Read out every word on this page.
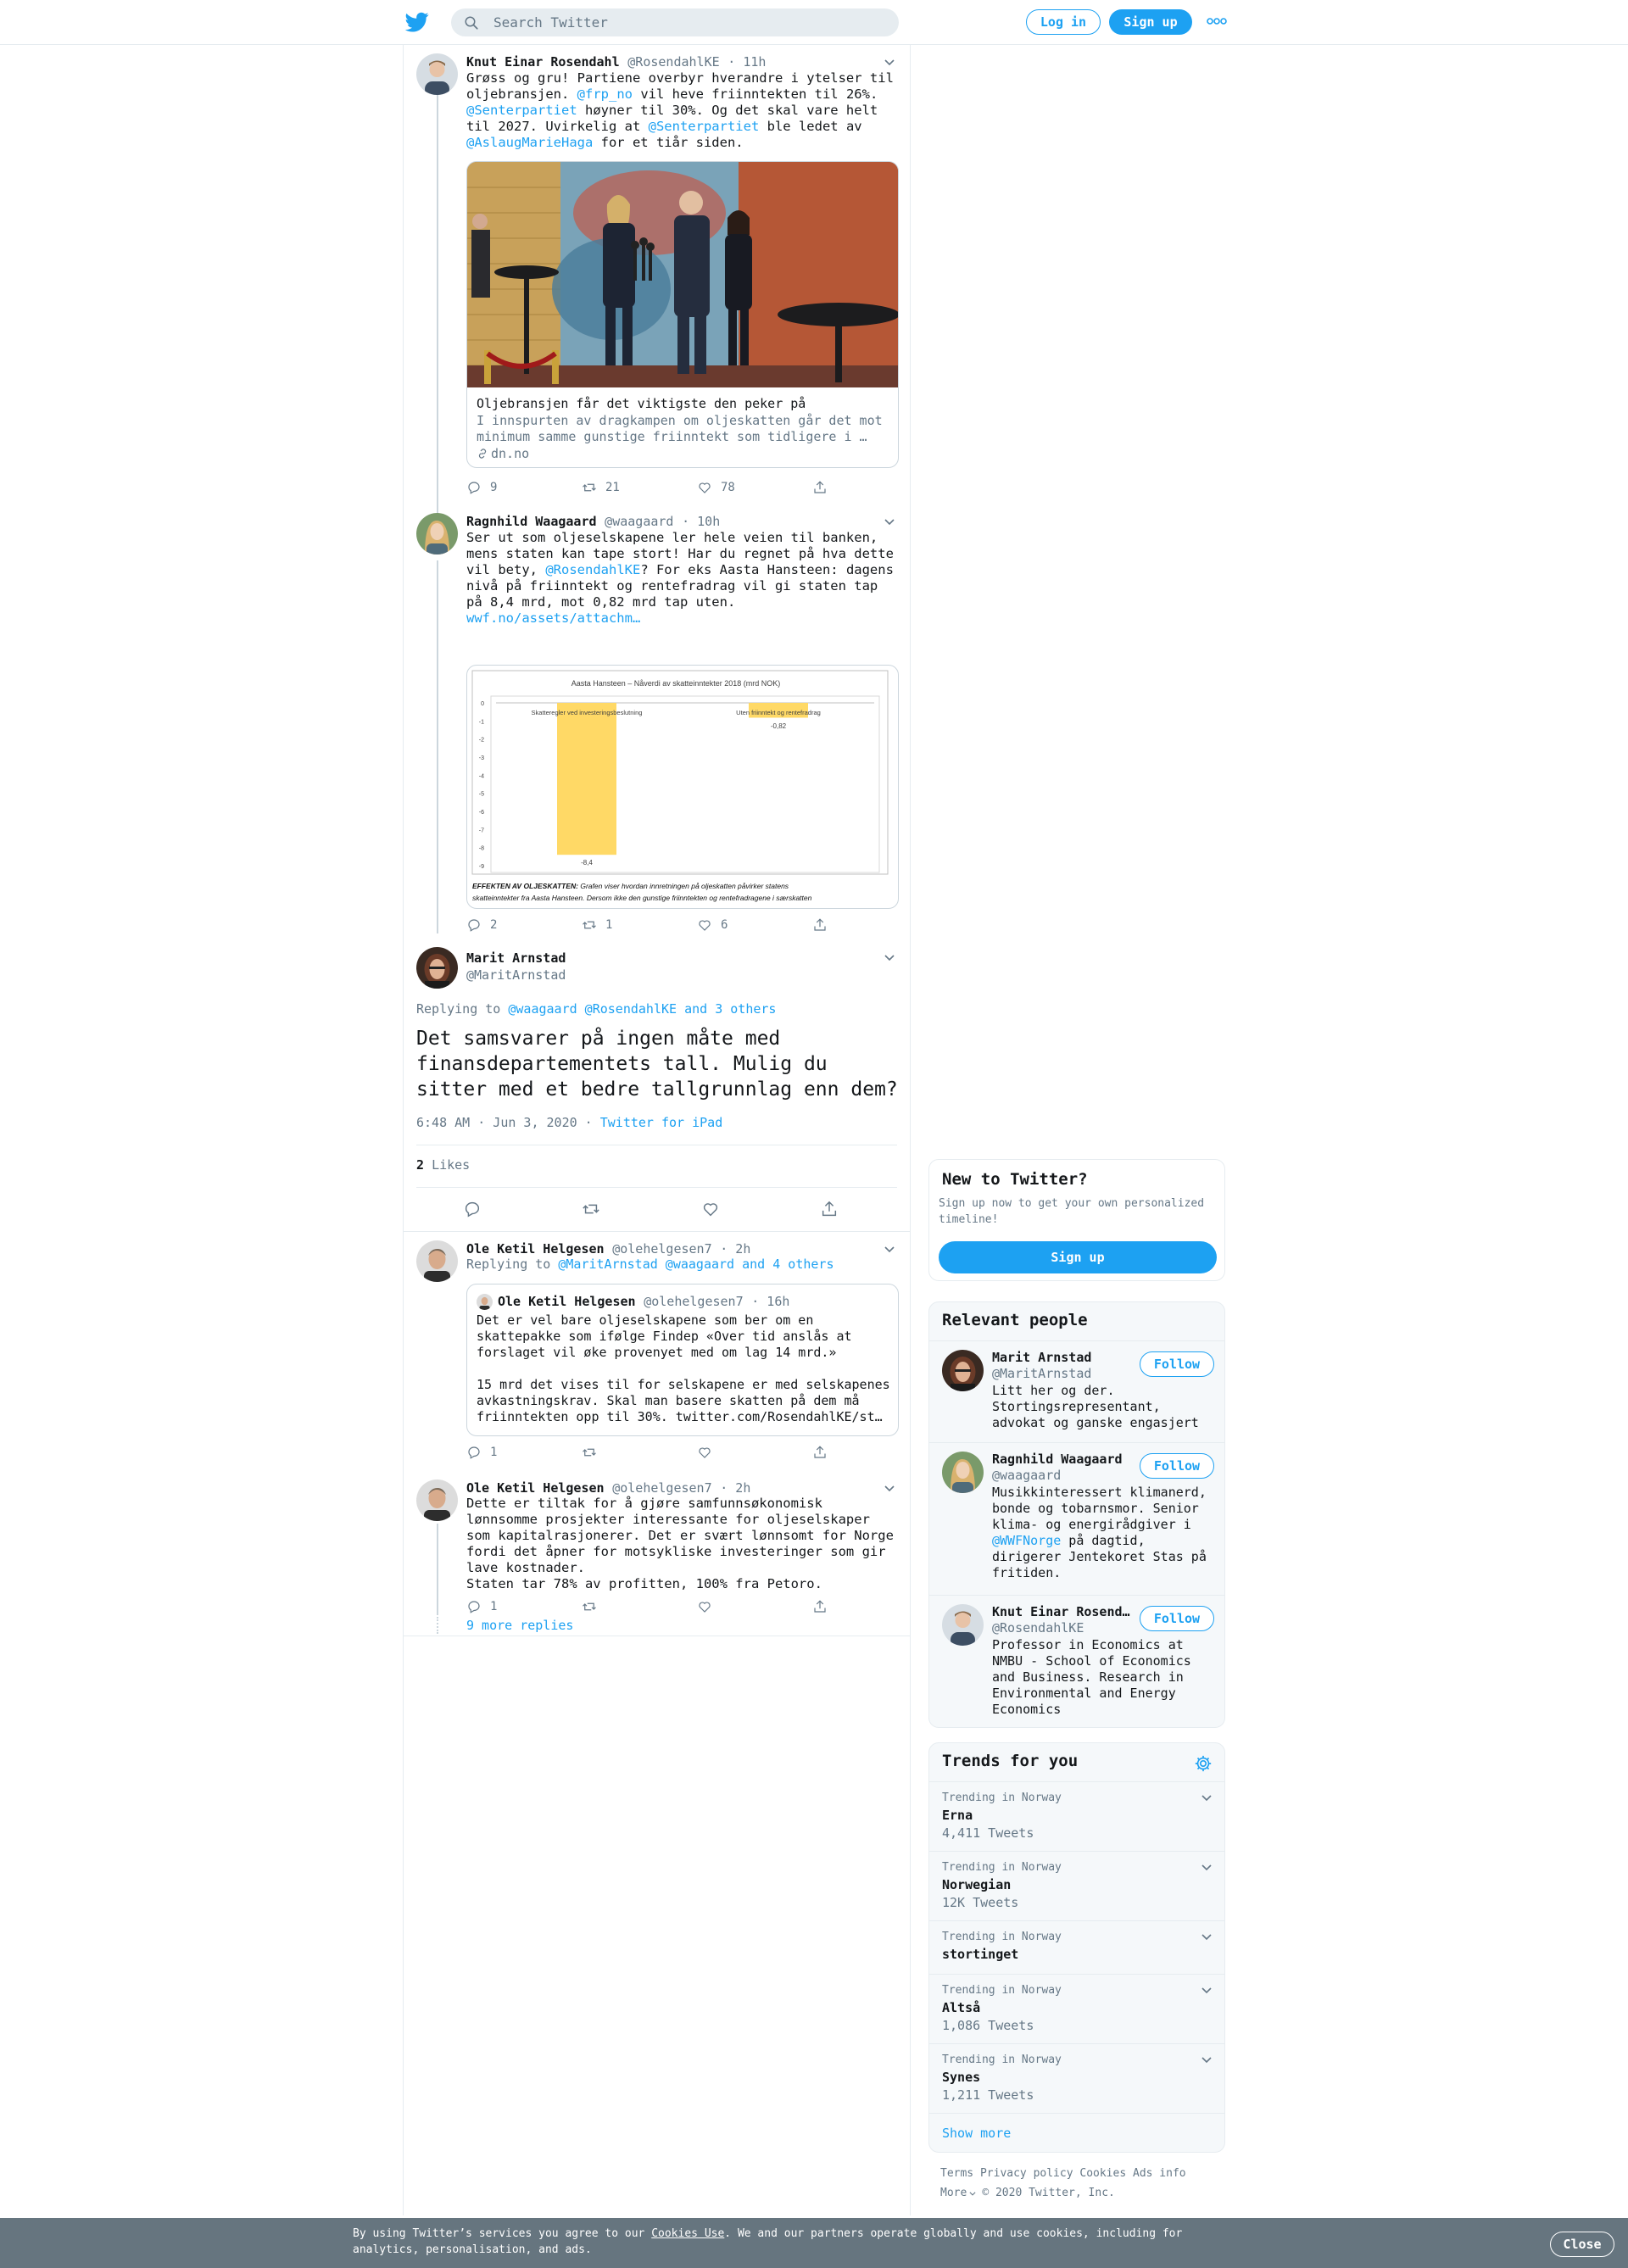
Search Twitter
Log in	Sign up
Knut Einar Rosendahl @RosendahlKE · 11h
Grøss og gru! Partiene overbyr hverandre i ytelser til oljebransjen. @frp_no vil heve friinntekten til 26%. @Senterpartiet høyner til 30%. Og det skal vare helt til 2027. Uvirkelig at @Senterpartiet ble ledet av @AslaugMarieHaga for et tiår siden.
Oljebransjen får det viktigste den peker på
I innspurten av dragkampen om oljeskatten går det mot minimum samme gunstige friinntekt som tidligere i …
dn.no
9	21	78
Ragnhild Waagaard @waagaard · 10h
Ser ut som oljeselskapene ler hele veien til banken, mens staten kan tape stort! Har du regnet på hva dette vil bety, @RosendahlKE? For eks Aasta Hansteen: dagens nivå på friinntekt og rentefradrag vil gi staten tap på 8,4 mrd, mot 0,82 mrd tap uten. wwf.no/assets/attachm…
Aasta Hansteen – Nåverdi av skatteinntekter 2018 (mrd NOK)
0
-1
-2
-3
-4
-5
-6
-7
-8
-9
Skatteregler ved investeringsbeslutning	Uten friinntekt og rentefradrag
-8,4
-0,82
EFFEKTEN AV OLJESKATTEN: Grafen viser hvordan innretningen på oljeskatten påvirker statens
skatteinntekter fra Aasta Hansteen. Dersom ikke den gunstige friinntekten og rentefradragene i særskatten
2	1	6
Marit Arnstad
@MaritArnstad
Replying to @waagaard @RosendahlKE and 3 others
Det samsvarer på ingen måte med finansdepartementets tall. Mulig du sitter med et bedre tallgrunnlag enn dem?
6:48 AM · Jun 3, 2020 · Twitter for iPad
2 Likes
Ole Ketil Helgesen @olehelgesen7 · 2h
Replying to @MaritArnstad @waagaard and 4 others
Ole Ketil Helgesen @olehelgesen7 · 16h
Det er vel bare oljeselskapene som ber om en skattepakke som ifølge Findep «Over tid anslås at forslaget vil øke provenyet med om lag 14 mrd.»

15 mrd det vises til for selskapene er med selskapenes avkastningskrav. Skal man basere skatten på dem må friinntekten opp til 30%. twitter.com/RosendahlKE/st…
1
Ole Ketil Helgesen @olehelgesen7 · 2h
Dette er tiltak for å gjøre samfunnsøkonomisk lønnsomme prosjekter interessante for oljeselskaper som kapitalrasjonerer. Det er svært lønnsomt for Norge fordi det åpner for motsykliske investeringer som gir lave kostnader.
Staten tar 78% av profitten, 100% fra Petoro.
1
9 more replies
New to Twitter?
Sign up now to get your own personalized timeline!
Sign up
Relevant people
Marit Arnstad
@MaritArnstad
Follow
Litt her og der. Stortingsrepresentant, advokat og ganske engasjert
Ragnhild Waagaard
@waagaard
Follow
Musikkinteressert klimanerd, bonde og tobarnsmor. Senior klima- og energirådgiver i @WWFNorge på dagtid, dirigerer Jentekoret Stas på fritiden.
Knut Einar Rosend…
@RosendahlKE
Follow
Professor in Economics at NMBU - School of Economics and Business. Research in Environmental and Energy Economics
Trends for you
Trending in Norway
Erna
4,411 Tweets
Trending in Norway
Norwegian
12K Tweets
Trending in Norway
stortinget
Trending in Norway
Altså
1,086 Tweets
Trending in Norway
Synes
1,211 Tweets
Show more
Terms Privacy policy Cookies Ads info
More © 2020 Twitter, Inc.
By using Twitter’s services you agree to our Cookies Use. We and our partners operate globally and use cookies, including for analytics, personalisation, and ads.	Close
